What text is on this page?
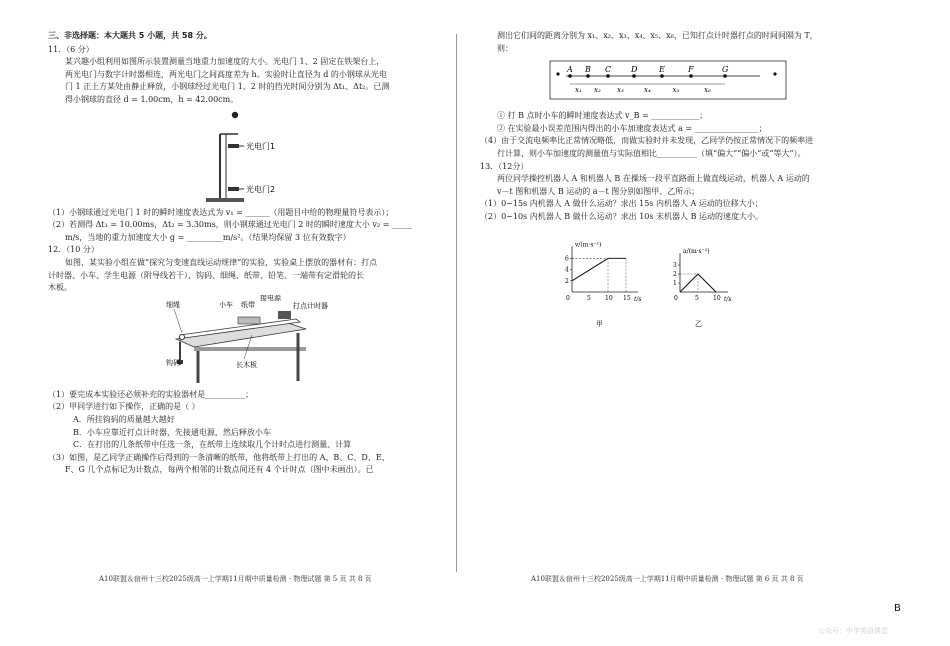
三、非选择题：本大题共 5 小题，共 58 分。
11．（6 分）
某兴趣小组利用如图所示装置测量当地重力加速度的大小。光电门 1、2 固定在铁架台上，
两光电门与数字计时器相连，两光电门之间高度差为 h。实验时让直径为 d 的小钢球从光电
门 1 正上方某处由静止释放，小钢球经过光电门 1、2 时的挡光时间分别为 Δt₁、Δt₂。已测
得小钢球的直径 d = 1.00cm，h = 42.00cm。
光电门1
光电门2
（1）小钢球通过光电门 1 时的瞬时速度表达式为 v₁ = ______（用题目中给的物理量符号表示）；
（2）若测得 Δt₁ = 10.00ms，Δt₂ = 3.30ms，则小钢球通过光电门 2 时的瞬时速度大小 v₂ = _____
m/s，当地的重力加速度大小 g = _________m/s²。（结果均保留 3 位有效数字）
12．（10 分）
如图，某实验小组在做“探究匀变速直线运动规律”的实验，实验桌上摆放的器材有：打点
计时器、小车、学生电源（附导线若干）、钩码、细绳、纸带、铅笔、一端带有定滑轮的长
木板。
细绳	小车 纸带
接电源
打点计时器
钩码	长木板
（1）要完成本实验还必须补充的实验器材是__________；
（2）甲同学进行如下操作，正确的是（ ）
A．所挂钩码的质量越大越好
B．小车应靠近打点计时器，先接通电源，然后释放小车
C．在打出的几条纸带中任选一条，在纸带上连续取几个计时点进行测量、计算
（3）如图，是乙同学正确操作后得到的一条清晰的纸带，他将纸带上打出的 A、B、C、D、E、
F、G 几个点标记为计数点，每两个相邻的计数点间还有 4 个计时点（图中未画出）。已
测出它们间的距离分别为 x₁、x₂、x₃、x₄、x₅、x₆，已知打点计时器打点的时间间隔为 T，
则：
A B C D	E	F	G
x₁ x₂ x₃	x₄	x₅	x₆
① 打 B 点时小车的瞬时速度表达式 v_B = ____________；
② 在实验最小误差范围内得出的小车加速度表达式 a = ________________；
（4）由于交流电频率比正常情况略低，而做实验时并未发现，乙同学仍按正常情况下的频率进
行计算，则小车加速度的测量值与实际值相比__________（填“偏大”“偏小”或“等大”）。
13．（12分）
两位同学操控机器人 A 和机器人 B 在操场一段平直路面上做直线运动，机器人 A 运动的
v－t 图和机器人 B 运动的 a－t 图分别如图甲、乙所示；
（1）0~15s 内机器人 A 做什么运动？求出 15s 内机器人 A 运动的位移大小；
（2）0~10s 内机器人 B 做什么运动？求出 10s 末机器人 B 运动的速度大小。
v/(m·s⁻¹)
t/s
0
2
4
6
5 10 15
甲
a/(m·s⁻²)
t/s
0
1
2
3
5 10
乙
A10联盟＆宿州十三校2025级高一上学期11月期中质量检测 · 物理试题 第 5 页 共 8 页	A10联盟＆宿州十三校2025级高一上学期11月期中质量检测 · 物理试题 第 6 页 共 8 页
B
公众号：中学英语课堂
